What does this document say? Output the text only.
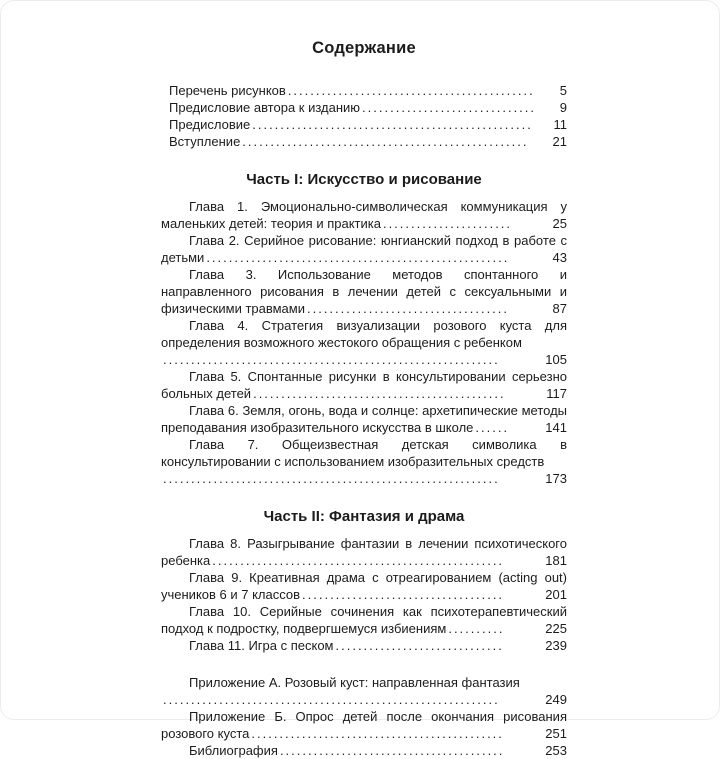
Содержание
Перечень рисунков ............................................	5
Предисловие автора к изданию ...............................	9
Предисловие ..................................................	11
Вступление ...................................................	21
Часть I: Искусство и рисование
Глава 1. Эмоционально-символическая коммуникация у маленьких детей: теория и практика .......................	25
Глава 2. Серийное рисование: юнгианский подход в работе с детьми ......................................................	43
Глава 3. Использование методов спонтанного и направленного рисования в лечении детей с сексуальными и физическими травмами ....................................	87
Глава 4. Стратегия визуализации розового куста для определения возможного жестокого обращения с ребенком
............................................................	105
Глава 5. Спонтанные рисунки в консультировании серьезно больных детей .............................................	117
Глава 6. Земля, огонь, вода и солнце: архетипические методы преподавания изобразительного искусства в школе ......	141
Глава 7. Общеизвестная детская символика в консультировании с использованием изобразительных средств
............................................................	173
Часть II: Фантазия и драма
Глава 8. Разыгрывание фантазии в лечении психотического ребенка ....................................................	181
Глава 9. Креативная драма с отреагированием (acting out) учеников 6 и 7 классов ....................................	201
Глава 10. Серийные сочинения как психотерапевтический подход к подростку, подвергшемуся избиениям ..........	225
Глава 11. Игра с песком ..............................	239
Приложение А. Розовый куст: направленная фантазия
............................................................	249
Приложение Б. Опрос детей после окончания рисования розового куста .............................................	251
Библиография ........................................	253
